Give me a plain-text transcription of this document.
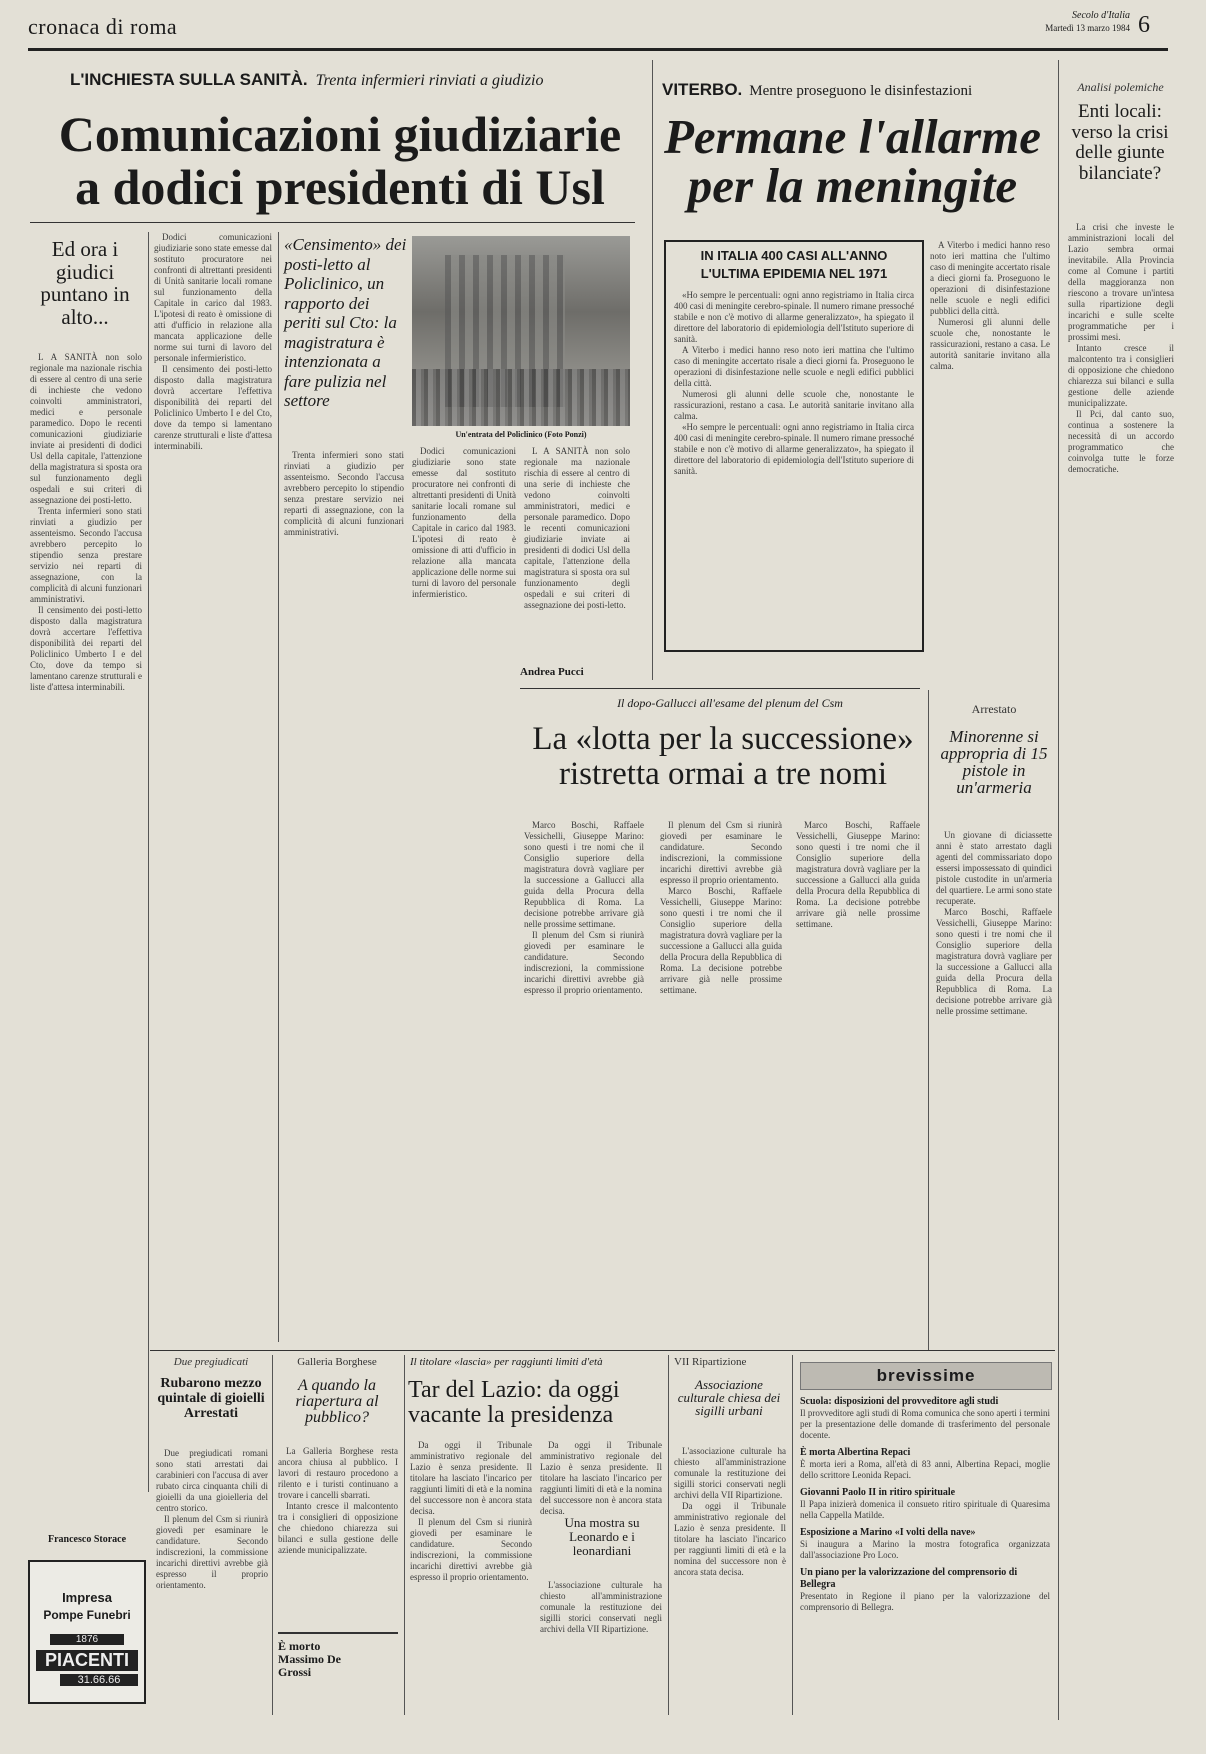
cronaca di roma	Secolo d'Italia
Martedì 13 marzo 1984 6
L'INCHIESTA SULLA SANITÀ. Trenta infermieri rinviati a giudizio
Comunicazioni giudiziarie
a dodici presidenti di Usl
Ed ora i giudici puntano in alto...

L A SANITÀ non solo regionale ma nazionale rischia di essere al centro di una serie di inchieste che vedono coinvolti amministratori, medici e personale paramedico. Dopo le recenti comunicazioni giudiziarie inviate ai presidenti di dodici Usl della capitale, l'attenzione della magistratura si sposta ora sul funzionamento degli ospedali e sui criteri di assegnazione dei posti-letto.

Trenta infermieri sono stati rinviati a giudizio per assenteismo. Secondo l'accusa avrebbero percepito lo stipendio senza prestare servizio nei reparti di assegnazione, con la complicità di alcuni funzionari amministrativi.

Il censimento dei posti-letto disposto dalla magistratura dovrà accertare l'effettiva disponibilità dei reparti del Policlinico Umberto I e del Cto, dove da tempo si lamentano carenze strutturali e liste d'attesa interminabili.

Dodici comunicazioni giudiziarie sono state emesse dal sostituto procuratore nei confronti di altrettanti presidenti di Unità sanitarie locali romane sul funzionamento della Capitale in carico dal 1983. L'ipotesi di reato è omissione di atti d'ufficio in relazione alla mancata applicazione delle norme sui turni di lavoro del personale infermieristico.

Il censimento dei posti-letto disposto dalla magistratura dovrà accertare l'effettiva disponibilità dei reparti del Policlinico Umberto I e del Cto, dove da tempo si lamentano carenze strutturali e liste d'attesa interminabili.

«Censimento» dei posti-letto al Policlinico, un rapporto dei periti sul Cto: la magistratura è intenzionata a fare pulizia nel settore

Trenta infermieri sono stati rinviati a giudizio per assenteismo. Secondo l'accusa avrebbero percepito lo stipendio senza prestare servizio nei reparti di assegnazione, con la complicità di alcuni funzionari amministrativi.

Un'entrata del Policlinico (Foto Ponzi)

Dodici comunicazioni giudiziarie sono state emesse dal sostituto procuratore nei confronti di altrettanti presidenti di Unità sanitarie locali romane sul funzionamento della Capitale in carico dal 1983. L'ipotesi di reato è omissione di atti d'ufficio in relazione alla mancata applicazione delle norme sui turni di lavoro del personale infermieristico.

L A SANITÀ non solo regionale ma nazionale rischia di essere al centro di una serie di inchieste che vedono coinvolti amministratori, medici e personale paramedico. Dopo le recenti comunicazioni giudiziarie inviate ai presidenti di dodici Usl della capitale, l'attenzione della magistratura si sposta ora sul funzionamento degli ospedali e sui criteri di assegnazione dei posti-letto.

Andrea Pucci
VITERBO. Mentre proseguono le disinfestazioni
Permane l'allarme
per la meningite
IN ITALIA 400 CASI ALL'ANNO
L'ULTIMA EPIDEMIA NEL 1971

«Ho sempre le percentuali: ogni anno registriamo in Italia circa 400 casi di meningite cerebro-spinale. Il numero rimane pressoché stabile e non c'è motivo di allarme generalizzato», ha spiegato il direttore del laboratorio di epidemiologia dell'Istituto superiore di sanità.

A Viterbo i medici hanno reso noto ieri mattina che l'ultimo caso di meningite accertato risale a dieci giorni fa. Proseguono le operazioni di disinfestazione nelle scuole e negli edifici pubblici della città.

Numerosi gli alunni delle scuole che, nonostante le rassicurazioni, restano a casa. Le autorità sanitarie invitano alla calma.

«Ho sempre le percentuali: ogni anno registriamo in Italia circa 400 casi di meningite cerebro-spinale. Il numero rimane pressoché stabile e non c'è motivo di allarme generalizzato», ha spiegato il direttore del laboratorio di epidemiologia dell'Istituto superiore di sanità.

A Viterbo i medici hanno reso noto ieri mattina che l'ultimo caso di meningite accertato risale a dieci giorni fa. Proseguono le operazioni di disinfestazione nelle scuole e negli edifici pubblici della città.

Numerosi gli alunni delle scuole che, nonostante le rassicurazioni, restano a casa. Le autorità sanitarie invitano alla calma.

Analisi polemiche
Enti locali: verso la crisi delle giunte bilanciate?

La crisi che investe le amministrazioni locali del Lazio sembra ormai inevitabile. Alla Provincia come al Comune i partiti della maggioranza non riescono a trovare un'intesa sulla ripartizione degli incarichi e sulle scelte programmatiche per i prossimi mesi.

Intanto cresce il malcontento tra i consiglieri di opposizione che chiedono chiarezza sui bilanci e sulla gestione delle aziende municipalizzate.

Il Pci, dal canto suo, continua a sostenere la necessità di un accordo programmatico che coinvolga tutte le forze democratiche.

Il dopo-Gallucci all'esame del plenum del Csm
La «lotta per la successione»
ristretta ormai a tre nomi

Marco Boschi, Raffaele Vessichelli, Giuseppe Marino: sono questi i tre nomi che il Consiglio superiore della magistratura dovrà vagliare per la successione a Gallucci alla guida della Procura della Repubblica di Roma. La decisione potrebbe arrivare già nelle prossime settimane.

Il plenum del Csm si riunirà giovedì per esaminare le candidature. Secondo indiscrezioni, la commissione incarichi direttivi avrebbe già espresso il proprio orientamento.

Il plenum del Csm si riunirà giovedì per esaminare le candidature. Secondo indiscrezioni, la commissione incarichi direttivi avrebbe già espresso il proprio orientamento.

Marco Boschi, Raffaele Vessichelli, Giuseppe Marino: sono questi i tre nomi che il Consiglio superiore della magistratura dovrà vagliare per la successione a Gallucci alla guida della Procura della Repubblica di Roma. La decisione potrebbe arrivare già nelle prossime settimane.

Marco Boschi, Raffaele Vessichelli, Giuseppe Marino: sono questi i tre nomi che il Consiglio superiore della magistratura dovrà vagliare per la successione a Gallucci alla guida della Procura della Repubblica di Roma. La decisione potrebbe arrivare già nelle prossime settimane.

Arrestato
Minorenne si appropria di 15 pistole in un'armeria

Un giovane di diciassette anni è stato arrestato dagli agenti del commissariato dopo essersi impossessato di quindici pistole custodite in un'armeria del quartiere. Le armi sono state recuperate.

Marco Boschi, Raffaele Vessichelli, Giuseppe Marino: sono questi i tre nomi che il Consiglio superiore della magistratura dovrà vagliare per la successione a Gallucci alla guida della Procura della Repubblica di Roma. La decisione potrebbe arrivare già nelle prossime settimane.

Due pregiudicati
Rubarono mezzo quintale di gioielli Arrestati

Due pregiudicati romani sono stati arrestati dai carabinieri con l'accusa di aver rubato circa cinquanta chili di gioielli da una gioielleria del centro storico.

Il plenum del Csm si riunirà giovedì per esaminare le candidature. Secondo indiscrezioni, la commissione incarichi direttivi avrebbe già espresso il proprio orientamento.

Impresa
Pompe Funebri
1876
PIACENTI
31.66.66
Francesco Storace
Galleria Borghese
A quando la riapertura al pubblico?

La Galleria Borghese resta ancora chiusa al pubblico. I lavori di restauro procedono a rilento e i turisti continuano a trovare i cancelli sbarrati.

Intanto cresce il malcontento tra i consiglieri di opposizione che chiedono chiarezza sui bilanci e sulla gestione delle aziende municipalizzate.

È morto Massimo De Grossi
Il titolare «lascia» per raggiunti limiti d'età
Tar del Lazio: da oggi vacante la presidenza

Da oggi il Tribunale amministrativo regionale del Lazio è senza presidente. Il titolare ha lasciato l'incarico per raggiunti limiti di età e la nomina del successore non è ancora stata decisa.

Il plenum del Csm si riunirà giovedì per esaminare le candidature. Secondo indiscrezioni, la commissione incarichi direttivi avrebbe già espresso il proprio orientamento.

Da oggi il Tribunale amministrativo regionale del Lazio è senza presidente. Il titolare ha lasciato l'incarico per raggiunti limiti di età e la nomina del successore non è ancora stata decisa.

Una mostra su Leonardo e i leonardiani

L'associazione culturale ha chiesto all'amministrazione comunale la restituzione dei sigilli storici conservati negli archivi della VII Ripartizione.

VII Ripartizione
Associazione culturale chiesa dei sigilli urbani

L'associazione culturale ha chiesto all'amministrazione comunale la restituzione dei sigilli storici conservati negli archivi della VII Ripartizione.

Da oggi il Tribunale amministrativo regionale del Lazio è senza presidente. Il titolare ha lasciato l'incarico per raggiunti limiti di età e la nomina del successore non è ancora stata decisa.

brevissime
Scuola: disposizioni del provveditore agli studi
Il provveditore agli studi di Roma comunica che sono aperti i termini per la presentazione delle domande di trasferimento del personale docente.
È morta Albertina Repaci
È morta ieri a Roma, all'età di 83 anni, Albertina Repaci, moglie dello scrittore Leonida Repaci.
Giovanni Paolo II in ritiro spirituale
Il Papa inizierà domenica il consueto ritiro spirituale di Quaresima nella Cappella Matilde.
Esposizione a Marino «I volti della nave»
Si inaugura a Marino la mostra fotografica organizzata dall'associazione Pro Loco.
Un piano per la valorizzazione del comprensorio di Bellegra
Presentato in Regione il piano per la valorizzazione del comprensorio di Bellegra.
